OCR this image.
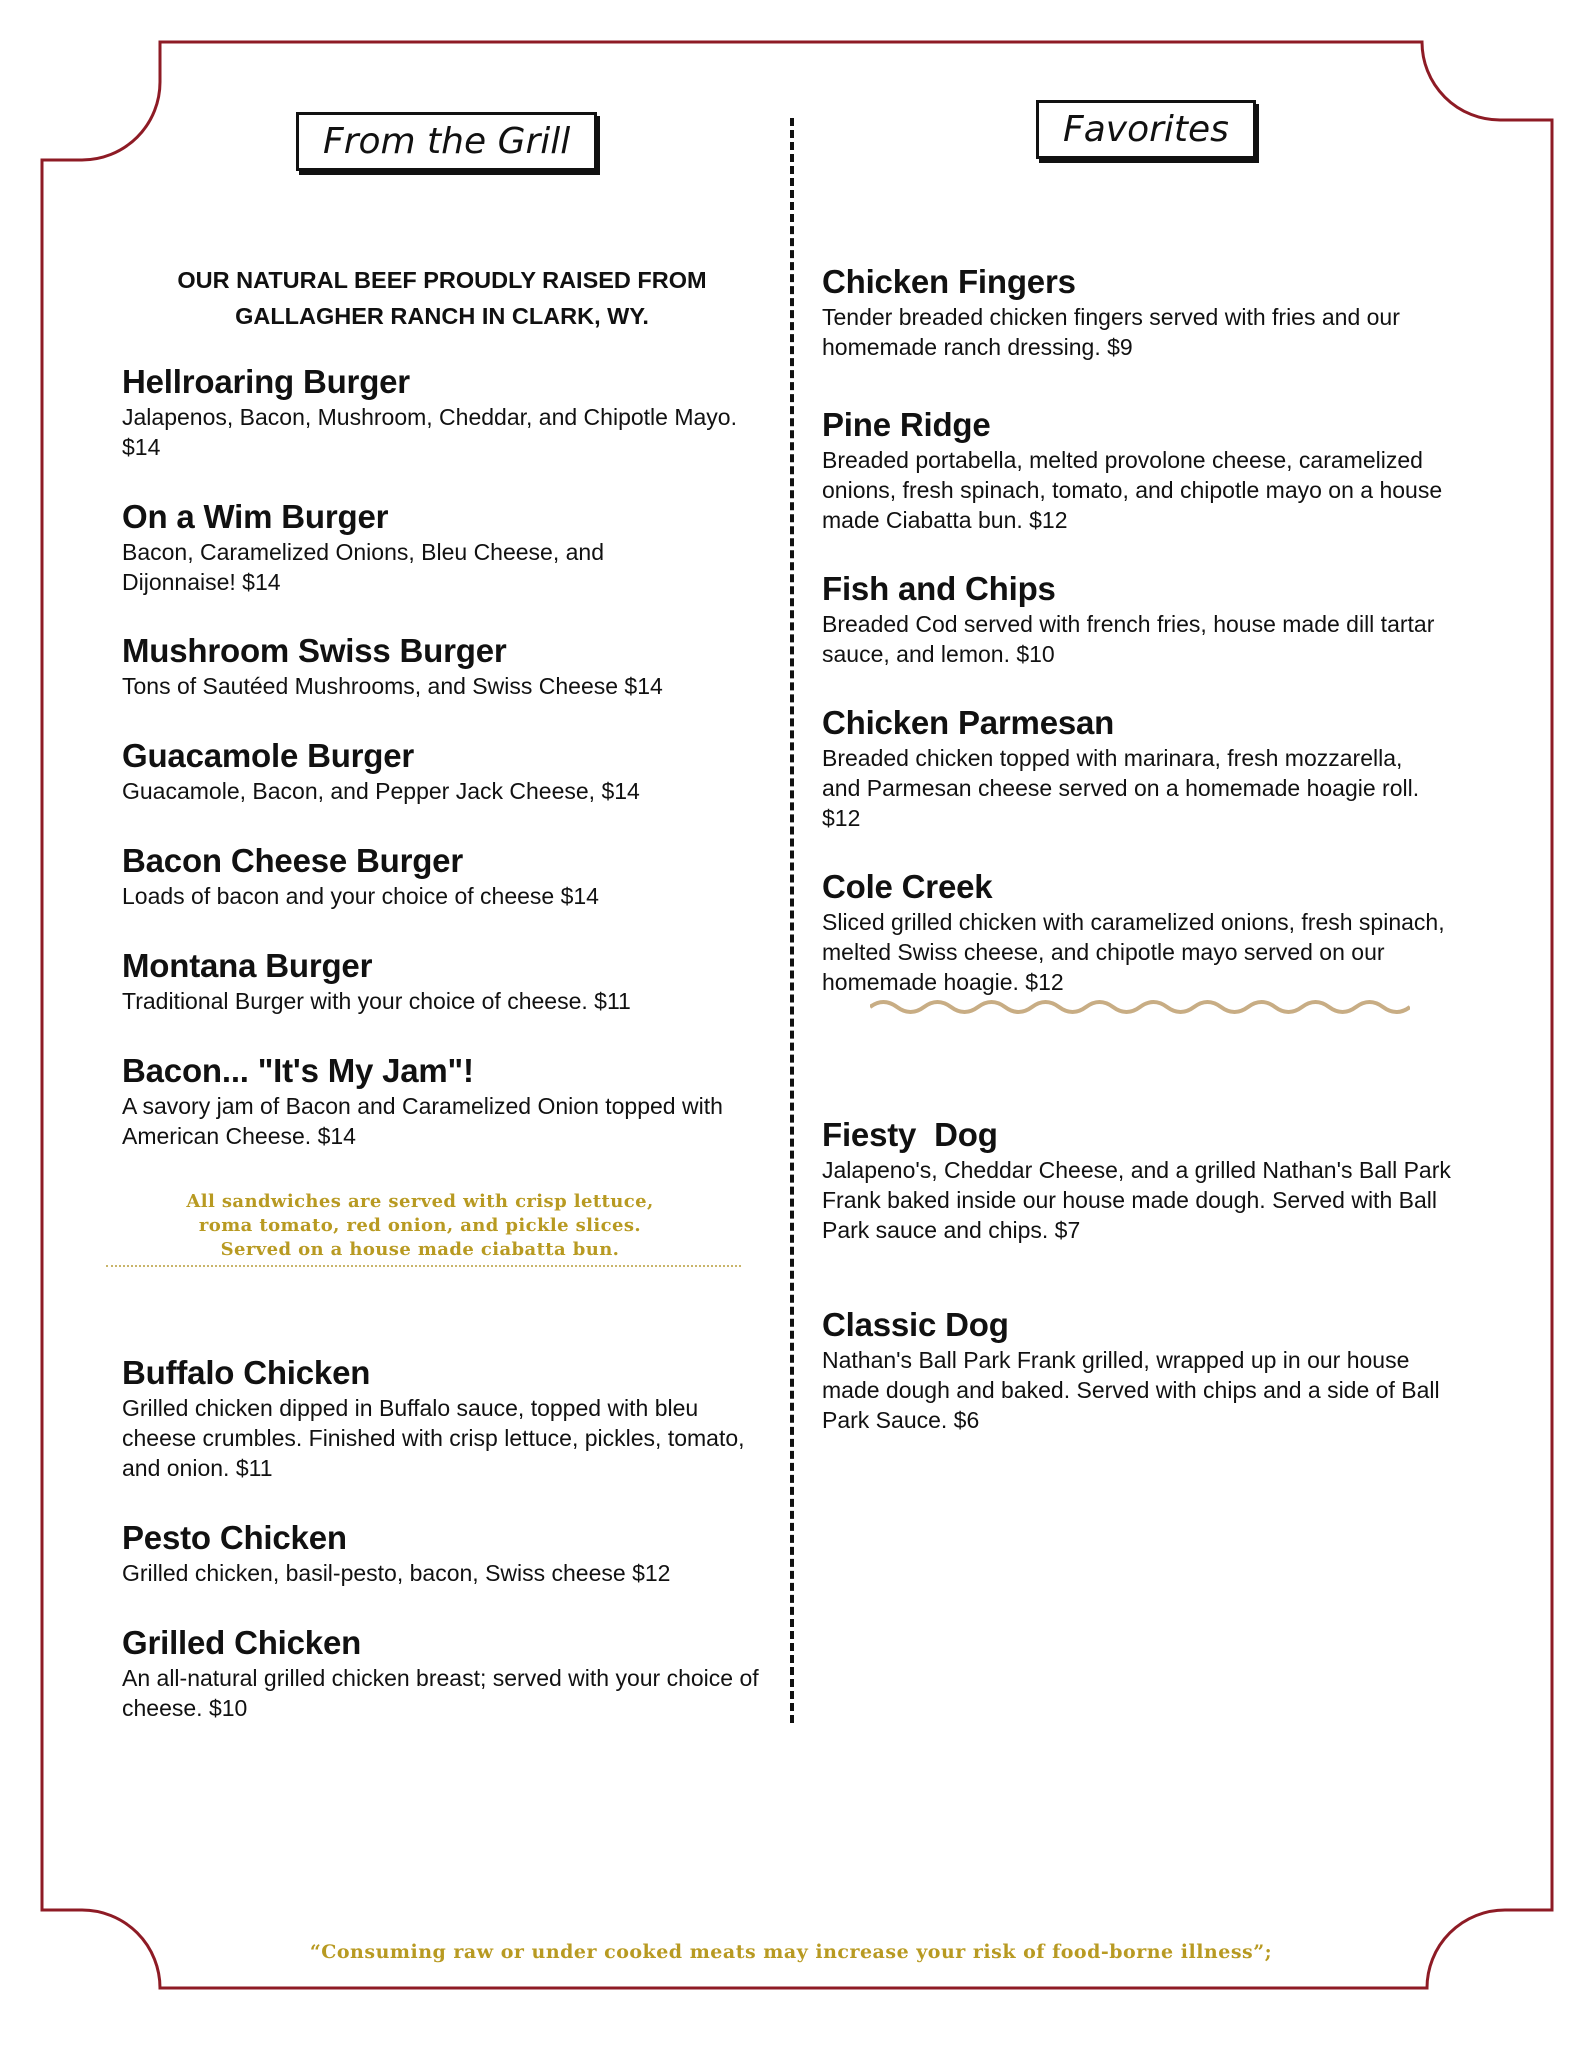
From the Grill	Favorites
OUR NATURAL BEEF PROUDLY RAISED FROM
GALLAGHER RANCH IN CLARK, WY.
Hellroaring Burger
Jalapenos, Bacon, Mushroom, Cheddar, and Chipotle Mayo. $14
On a Wim Burger
Bacon, Caramelized Onions, Bleu Cheese, and Dijonnaise! $14
Mushroom Swiss Burger
Tons of Sautéed Mushrooms, and Swiss Cheese $14
Guacamole Burger
Guacamole, Bacon, and Pepper Jack Cheese, $14
Bacon Cheese Burger
Loads of bacon and your choice of cheese $14
Montana Burger
Traditional Burger with your choice of cheese. $11
Bacon... "It's My Jam"!
A savory jam of Bacon and Caramelized Onion topped with American Cheese. $14
All sandwiches are served with crisp lettuce,
roma tomato, red onion, and pickle slices.
Served on a house made ciabatta bun.
Buffalo Chicken
Grilled chicken dipped in Buffalo sauce, topped with bleu cheese crumbles. Finished with crisp lettuce, pickles, tomato, and onion. $11
Pesto Chicken
Grilled chicken, basil-pesto, bacon, Swiss cheese $12
Grilled Chicken
An all-natural grilled chicken breast; served with your choice of cheese. $10
Chicken Fingers
Tender breaded chicken fingers served with fries and our homemade ranch dressing. $9
Pine Ridge
Breaded portabella, melted provolone cheese, caramelized onions, fresh spinach, tomato, and chipotle mayo on a house made Ciabatta bun. $12
Fish and Chips
Breaded Cod served with french fries, house made dill tartar sauce, and lemon. $10
Chicken Parmesan
Breaded chicken topped with marinara, fresh mozzarella, and Parmesan cheese served on a homemade hoagie roll. $12
Cole Creek
Sliced grilled chicken with caramelized onions, fresh spinach, melted Swiss cheese, and chipotle mayo served on our homemade hoagie. $12
Fiesty  Dog
Jalapeno's, Cheddar Cheese, and a grilled Nathan's Ball Park Frank baked inside our house made dough. Served with Ball Park sauce and chips. $7
Classic Dog
Nathan's Ball Park Frank grilled, wrapped up in our house made dough and baked. Served with chips and a side of Ball Park Sauce. $6
“Consuming raw or under cooked meats may increase your risk of food-borne illness”;
